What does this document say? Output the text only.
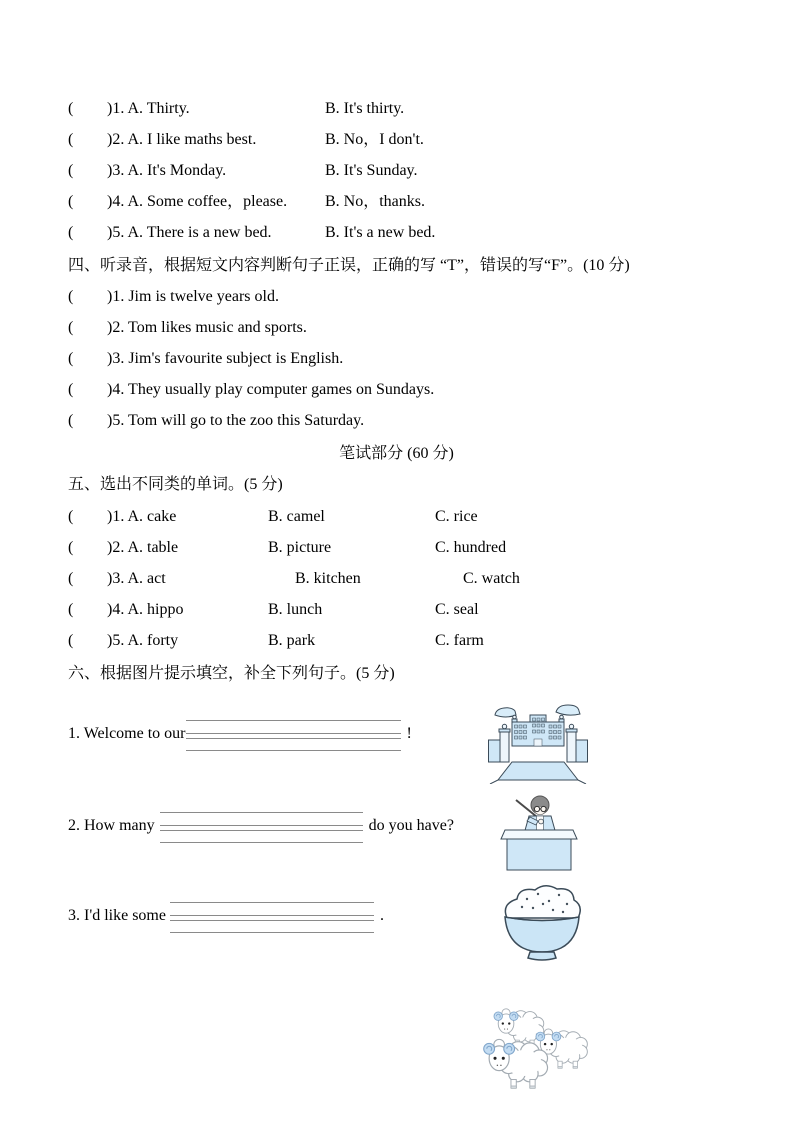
(	)1. A. Thirty.	B. It's thirty.
(	)2. A. I like maths best.	B. No，I don't.
(	)3. A. It's Monday.	B. It's Sunday.
(	)4. A. Some coffee，please.	B. No，thanks.
(	)5. A. There is a new bed.	B. It's a new bed.
四、听录音，根据短文内容判断句子正误，正确的写 “T”，错误的写“F”。(10 分)
(	)1. Jim is twelve years old.
(	)2. Tom likes music and sports.
(	)3. Jim's favourite subject is English.
(	)4. They usually play computer games on Sundays.
(	)5. Tom will go to the zoo this Saturday.
笔试部分 (60 分)
五、选出不同类的单词。(5 分)
(	)1. A. cake	B. camel	C. rice
(	)2. A. table	B. picture	C. hundred
(	)3. A. act	B. kitchen	C. watch
(	)4. A. hippo	B. lunch	C. seal
(	)5. A. forty	B. park	C. farm
六、根据图片提示填空，补全下列句子。(5 分)
1. Welcome to our	!
2. How many	do you have?
3. I'd like some	.
